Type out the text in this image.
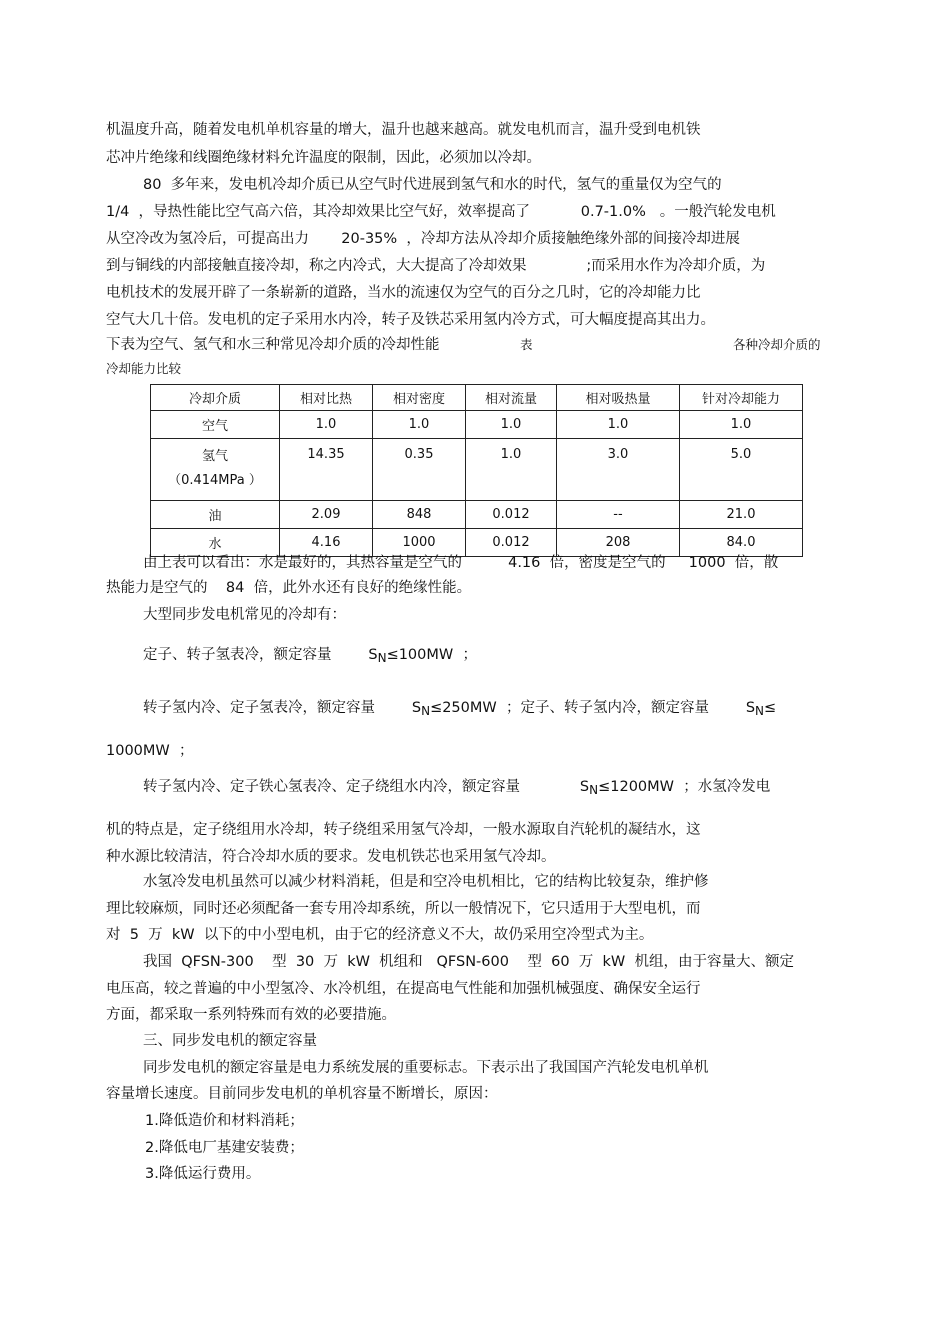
机温度升高，随着发电机单机容量的增大，温升也越来越高。就发电机而言，温升受到电机铁
芯冲片绝缘和线圈绝缘材料允许温度的限制，因此，必须加以冷却。
80  多年来，发电机冷却介质已从空气时代进展到氢气和水的时代，氢气的重量仅为空气的
1/4  ，导热性能比空气高六倍，其冷却效果比空气好，效率提高了           0.7-1.0%   。一般汽轮发电机
从空冷改为氢冷后，可提高出力       20-35%  ，冷却方法从冷却介质接触绝缘外部的间接冷却进展
到与铜线的内部接触直接冷却，称之内冷式，大大提高了冷却效果             ;而采用水作为冷却介质，为
电机技术的发展开辟了一条崭新的道路，当水的流速仅为空气的百分之几时，它的冷却能力比
空气大几十倍。发电机的定子采用水内冷，转子及铁芯采用氢内冷方式，可大幅度提高其出力。
下表为空气、氢气和水三种常见冷却介质的冷却性能	表	各种冷却介质的
冷却能力比较
冷却介质	相对比热	相对密度	相对流量	相对吸热量	针对冷却能力
空气	1.0	1.0	1.0	1.0	1.0

氢气
（0.414MPa ）	14.35	0.35	1.0	3.0	5.0
油	2.09	848	0.012	--	21.0
水	4.16	1000	0.012	208	84.0
由上表可以看出：水是最好的，其热容量是空气的          4.16  倍，密度是空气的     1000  倍，散
热能力是空气的    84  倍，此外水还有良好的绝缘性能。
大型同步发电机常见的冷却有：
定子、转子氢表冷，额定容量        $S_N\le 100MW$  ；
转子氢内冷、定子氢表冷，额定容量        $S_N\le 250MW$  ；定子、转子氢内冷，额定容量        $S_N\le$
1000MW  ；
转子氢内冷、定子铁心氢表冷、定子绕组水内冷，额定容量             $S_N\le 1200MW$  ；水氢冷发电
机的特点是，定子绕组用水冷却，转子绕组采用氢气冷却，一般水源取自汽轮机的凝结水，这
种水源比较清洁，符合冷却水质的要求。发电机铁芯也采用氢气冷却。
水氢冷发电机虽然可以减少材料消耗，但是和空冷电机相比，它的结构比较复杂，维护修
理比较麻烦，同时还必须配备一套专用冷却系统，所以一般情况下，它只适用于大型电机，而
对  5  万  kW  以下的中小型电机，由于它的经济意义不大，故仍采用空冷型式为主。
我国  QFSN-300    型  30  万  kW  机组和   QFSN-600    型  60  万  kW  机组，由于容量大、额定
电压高，较之普遍的中小型氢冷、水冷机组，在提高电气性能和加强机械强度、确保安全运行
方面，都采取一系列特殊而有效的必要措施。
三、同步发电机的额定容量
同步发电机的额定容量是电力系统发展的重要标志。下表示出了我国国产汽轮发电机单机
容量增长速度。目前同步发电机的单机容量不断增长，原因：
1.降低造价和材料消耗；
2.降低电厂基建安装费；
3.降低运行费用。
